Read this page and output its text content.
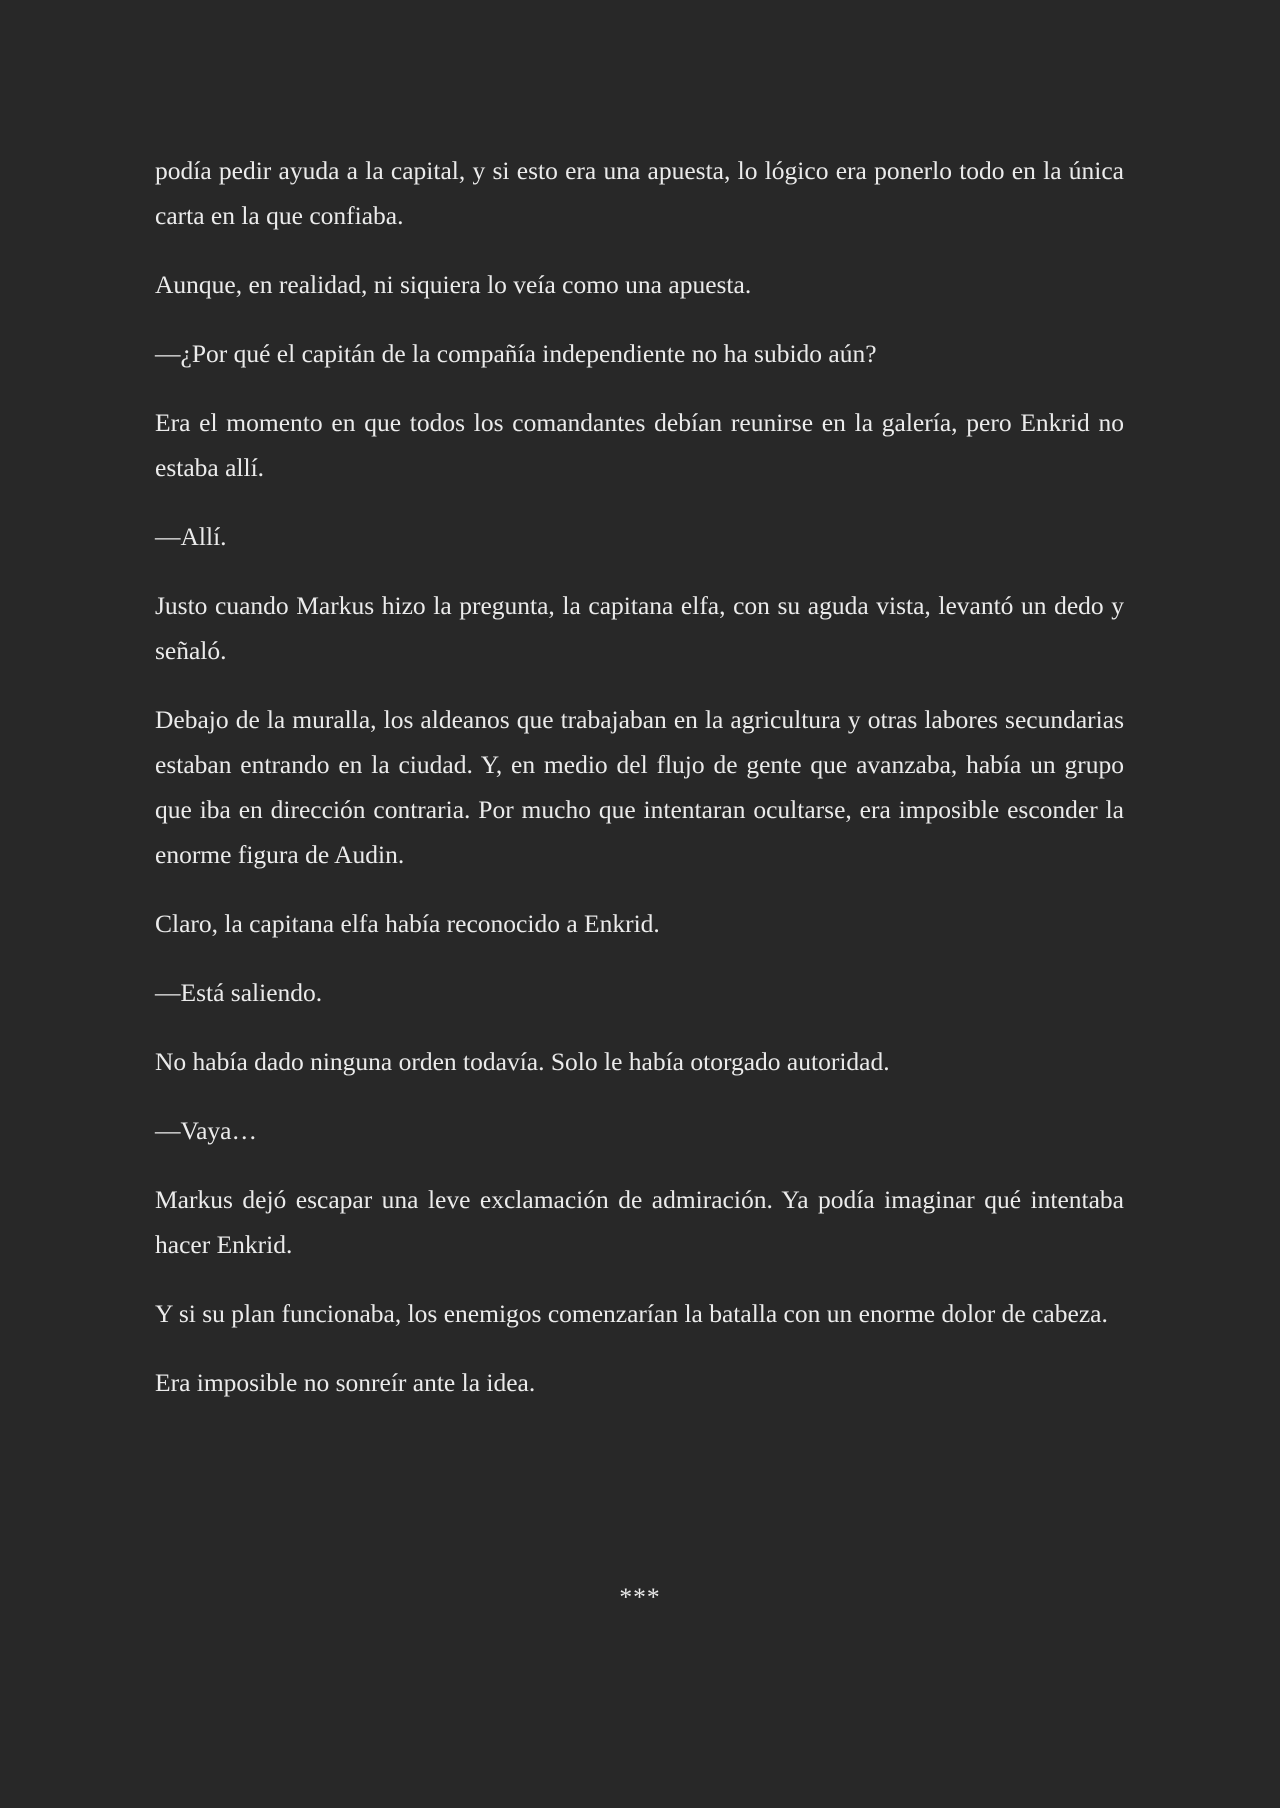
podía pedir ayuda a la capital, y si esto era una apuesta, lo lógico era ponerlo todo en la única carta en la que confiaba.

Aunque, en realidad, ni siquiera lo veía como una apuesta.

—¿Por qué el capitán de la compañía independiente no ha subido aún?

Era el momento en que todos los comandantes debían reunirse en la galería, pero Enkrid no estaba allí.

—Allí.

Justo cuando Markus hizo la pregunta, la capitana elfa, con su aguda vista, levantó un dedo y señaló.

Debajo de la muralla, los aldeanos que trabajaban en la agricultura y otras labores secundarias estaban entrando en la ciudad. Y, en medio del flujo de gente que avanzaba, había un grupo que iba en dirección contraria. Por mucho que intentaran ocultarse, era imposible esconder la enorme figura de Audin.

Claro, la capitana elfa había reconocido a Enkrid.

—Está saliendo.

No había dado ninguna orden todavía. Solo le había otorgado autoridad.

—Vaya…

Markus dejó escapar una leve exclamación de admiración. Ya podía imaginar qué intentaba hacer Enkrid.

Y si su plan funcionaba, los enemigos comenzarían la batalla con un enorme dolor de cabeza.

Era imposible no sonreír ante la idea.

***
